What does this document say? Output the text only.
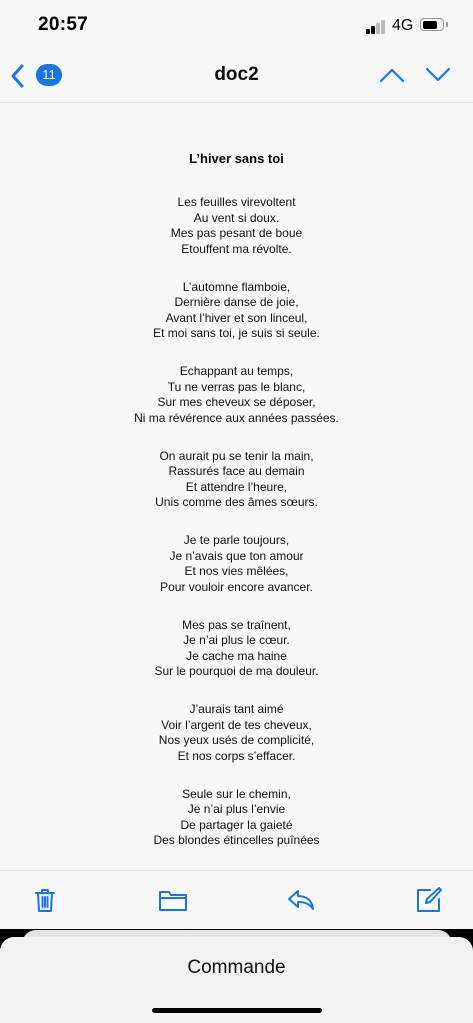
20:57	4G
11	doc2
L’hiver sans toi
Les feuilles virevoltent
Au vent si doux.
Mes pas pesant de boue
Etouffent ma révolte.
L’automne flamboie,
Dernière danse de joie,
Avant l’hiver et son linceul,
Et moi sans toi, je suis si seule.
Echappant au temps,
Tu ne verras pas le blanc,
Sur mes cheveux se déposer,
Ni ma révérence aux années passées.
On aurait pu se tenir la main,
Rassurés face au demain
Et attendre l’heure,
Unis comme des âmes sœurs.
Je te parle toujours,
Je n’avais que ton amour
Et nos vies mêlées,
Pour vouloir encore avancer.
Mes pas se traînent,
Je n’ai plus le cœur.
Je cache ma haine
Sur le pourquoi de ma douleur.
J’aurais tant aimé
Voir l’argent de tes cheveux,
Nos yeux usés de complicité,
Et nos corps s’effacer.
Seule sur le chemin,
Je n’ai plus l’envie
De partager la gaieté
Des blondes étincelles puînées
Commande
